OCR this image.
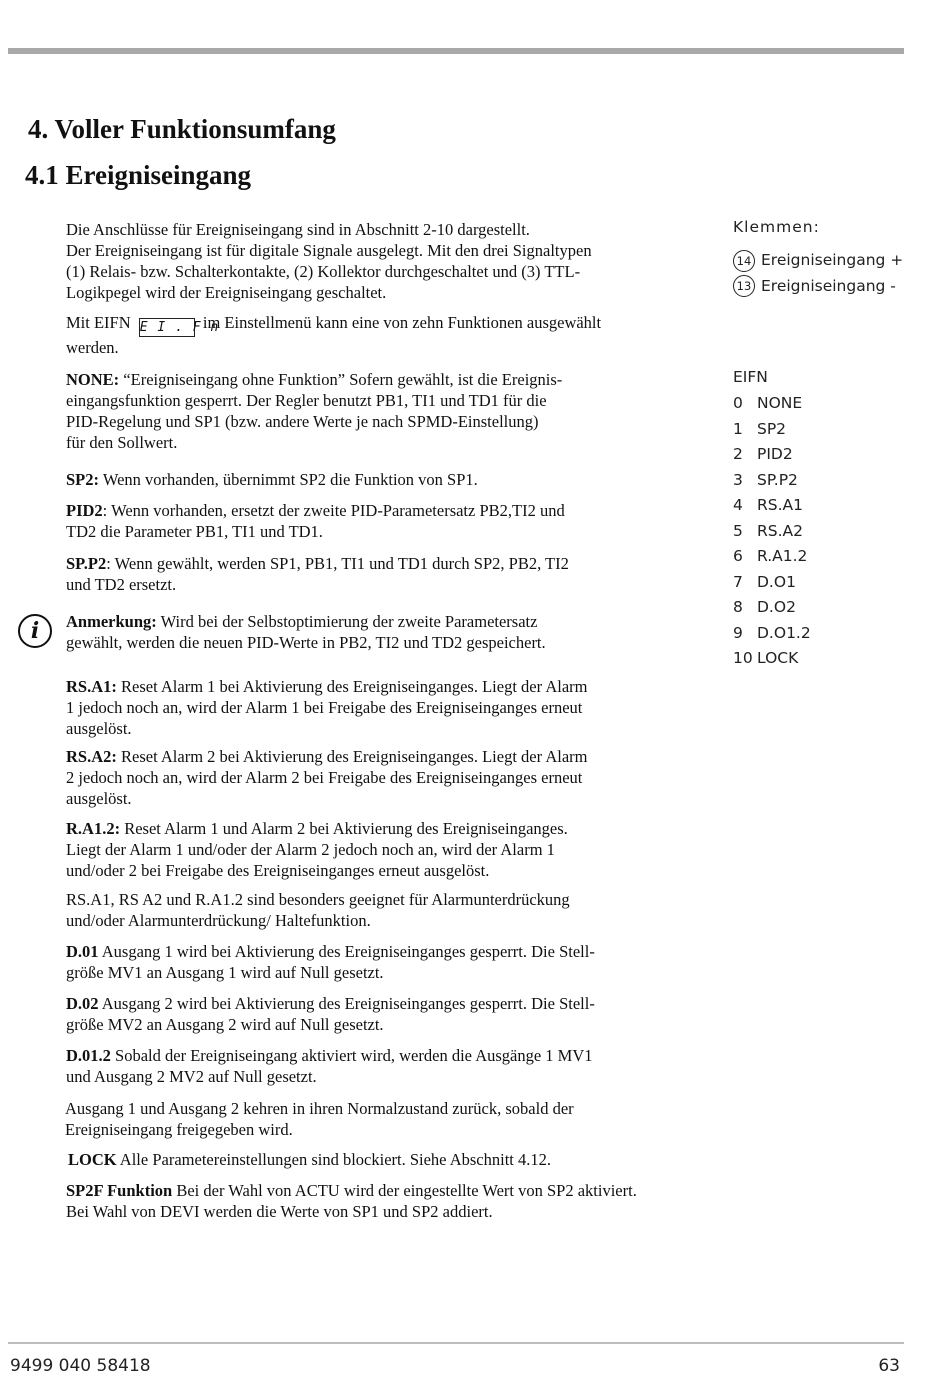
4. Voller Funktionsumfang
4.1 Ereigniseingang

Die Anschlüsse für Ereigniseingang sind in Abschnitt 2-10 dargestellt.
Der Ereigniseingang ist für digitale Signale ausgelegt. Mit den drei Signaltypen
(1) Relais- bzw. Schalterkontakte, (2) Kollektor durchgeschaltet und (3) TTL-
Logikpegel wird der Ereigniseingang geschaltet.

Mit EIFN E I . F n im Einstellmenü kann eine von zehn Funktionen ausgewählt
werden.

NONE: “Ereigniseingang ohne Funktion” Sofern gewählt, ist die Ereignis-
eingangsfunktion gesperrt. Der Regler benutzt PB1, TI1 und TD1 für die
PID-Regelung und SP1 (bzw. andere Werte je nach SPMD-Einstellung)
für den Sollwert.

SP2: Wenn vorhanden, übernimmt SP2 die Funktion von SP1.

PID2: Wenn vorhanden, ersetzt der zweite PID-Parametersatz PB2,TI2 und
TD2 die Parameter PB1, TI1 und TD1.

SP.P2: Wenn gewählt, werden SP1, PB1, TI1 und TD1 durch SP2, PB2, TI2
und TD2 ersetzt.

i	Anmerkung: Wird bei der Selbstoptimierung der zweite Parametersatz
gewählt, werden die neuen PID-Werte in PB2, TI2 und TD2 gespeichert.

RS.A1: Reset Alarm 1 bei Aktivierung des Ereigniseinganges. Liegt der Alarm
1 jedoch noch an, wird der Alarm 1 bei Freigabe des Ereigniseinganges erneut
ausgelöst.

RS.A2: Reset Alarm 2 bei Aktivierung des Ereigniseinganges. Liegt der Alarm
2 jedoch noch an, wird der Alarm 2 bei Freigabe des Ereigniseinganges erneut
ausgelöst.

R.A1.2: Reset Alarm 1 und Alarm 2 bei Aktivierung des Ereigniseinganges.
Liegt der Alarm 1 und/oder der Alarm 2 jedoch noch an, wird der Alarm 1
und/oder 2 bei Freigabe des Ereigniseinganges erneut ausgelöst.

RS.A1, RS A2 und R.A1.2 sind besonders geeignet für Alarmunterdrückung
und/oder Alarmunterdrückung/ Haltefunktion.

D.01 Ausgang 1 wird bei Aktivierung des Ereigniseinganges gesperrt. Die Stell-
größe MV1 an Ausgang 1 wird auf Null gesetzt.

D.02 Ausgang 2 wird bei Aktivierung des Ereigniseinganges gesperrt. Die Stell-
größe MV2 an Ausgang 2 wird auf Null gesetzt.

D.01.2 Sobald der Ereigniseingang aktiviert wird, werden die Ausgänge 1 MV1
und Ausgang 2 MV2 auf Null gesetzt.

Ausgang 1 und Ausgang 2 kehren in ihren Normalzustand zurück, sobald der
Ereigniseingang freigegeben wird.

LOCK Alle Parametereinstellungen sind blockiert. Siehe Abschnitt 4.12.

SP2F Funktion Bei der Wahl von ACTU wird der eingestellte Wert von SP2 aktiviert.
Bei Wahl von DEVI werden die Werte von SP1 und SP2 addiert.

Klemmen:
14 Ereigniseingang +
13 Ereigniseingang -
EIFN
0 NONE
1 SP2
2 PID2
3 SP.P2
4 RS.A1
5 RS.A2
6 R.A1.2
7 D.O1
8 D.O2
9 D.O1.2
10 LOCK
9499 040 58418	63
